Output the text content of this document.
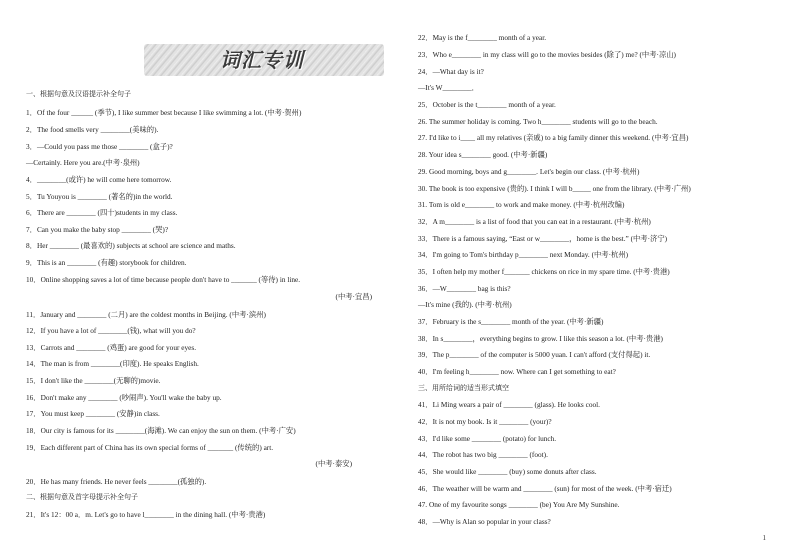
词汇专训
一、根据句意及汉语提示补全句子
1．Of the four ______ (季节), I like summer best because I like swimming a lot. (中考·贺州)
2．The food smells very ________(美味的).
3．—Could you pass me those ________ (盒子)?
—Certainly. Here you are.(中考·泉州)
4．________(或许) he will come here tomorrow.
5．Tu Youyou is ________ (著名的)in the world.
6．There are ________ (四十)students in my class.
7．Can you make the baby stop ________ (哭)?
8．Her ________ (最喜欢的) subjects at school are science and maths.
9．This is an ________ (有趣) storybook for children.
10．Online shopping saves a lot of time because people don't have to _______ (等待) in line.
(中考·宜昌)
11．January and ________ (二月) are the coldest months in Beijing. (中考·滨州)
12．If you have a lot of ________(钱), what will you do?
13．Carrots and ________ (鸡蛋) are good for your eyes.
14．The man is from ________(印度). He speaks English.
15．I don't like the ________(无聊的)movie.
16．Don't make any ________ (吵闹声). You'll wake the baby up.
17．You must keep ________ (安静)in class.
18．Our city is famous for its ________(海滩). We can enjoy the sun on them. (中考·广安)
19．Each different part of China has its own special forms of _______ (传统的) art.
(中考·泰安)
20．He has many friends. He never feels ________(孤独的).
二、根据句意及首字母提示补全句子
21．It's 12：00 a．m. Let's go to have l________ in the dining hall. (中考·贵港)
22．May is the f________ month of a year.
23．Who e________ in my class will go to the movies besides (除了) me? (中考·凉山)
24．—What day is it?
—It's W________．
25．October is the t________ month of a year.
26. The summer holiday is coming. Two h________ students will go to the beach.
27. I'd like to i____ all my relatives (亲戚) to a big family dinner this weekend. (中考·宜昌)
28. Your idea s________ good. (中考·新疆)
29. Good morning, boys and g________. Let's begin our class. (中考·杭州)
30. The book is too expensive (贵的). I think I will b_____ one from the library. (中考·广州)
31. Tom is old e________ to work and make money. (中考·杭州改编)
32．A m________ is a list of food that you can eat in a restaurant. (中考·杭州)
33．There is a famous saying, “East or w________，home is the best.” (中考·济宁)
34．I'm going to Tom's birthday p________ next Monday. (中考·杭州)
35．I often help my mother f_______ chickens on rice in my spare time. (中考·贵港)
36．—W________ bag is this?
—It's mine (我的). (中考·杭州)
37．February is the s________ month of the year. (中考·新疆)
38．In s________，everything begins to grow. I like this season a lot. (中考·贵港)
39．The p________ of the computer is 5000 yuan. I can't afford (支付得起) it.
40．I'm feeling h________ now. Where can I get something to eat?
三、用所给词的适当形式填空
41．Li Ming wears a pair of ________ (glass). He looks cool.
42．It is not my book. Is it ________ (your)?
43．I'd like some ________ (potato) for lunch.
44．The robot has two big ________ (foot).
45．She would like ________ (buy) some donuts after class.
46．The weather will be warm and ________ (sun) for most of the week. (中考·宿迁)
47. One of my favourite songs ________ (be) You Are My Sunshine.
48．—Why is Alan so popular in your class?
1
